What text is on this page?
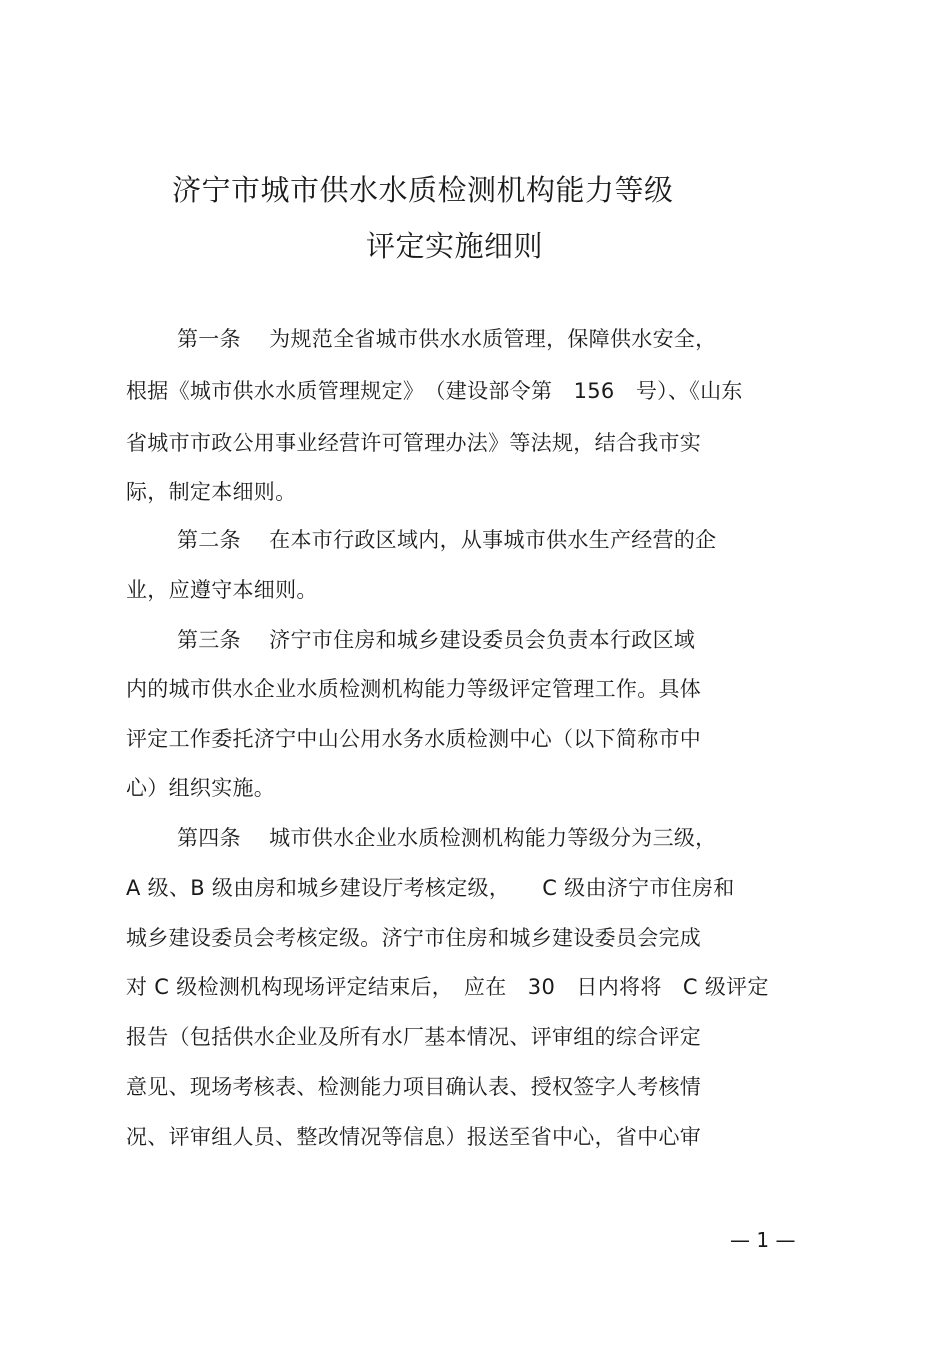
济宁市城市供水水质检测机构能力等级
评定实施细则
第一条　 为规范全省城市供水水质管理，保障供水安全，
根据《城市供水水质管理规定》　（建设部令第　156　号）、《山东
省城市市政公用事业经营许可管理办法》等法规，结合我市实
际，制定本细则。
第二条　 在本市行政区域内，从事城市供水生产经营的企
业，应遵守本细则。
第三条　 济宁市住房和城乡建设委员会负责本行政区域
内的城市供水企业水质检测机构能力等级评定管理工作。具体
评定工作委托济宁中山公用水务水质检测中心（以下简称市中
心）组织实施。
第四条　 城市供水企业水质检测机构能力等级分为三级，
A 级、B 级由房和城乡建设厅考核定级，　　C 级由济宁市住房和
城乡建设委员会考核定级。济宁市住房和城乡建设委员会完成
对 C 级检测机构现场评定结束后，　应在　30　日内将将　C 级评定
报告（包括供水企业及所有水厂基本情况、评审组的综合评定
意见、现场考核表、检测能力项目确认表、授权签字人考核情
况、评审组人员、整改情况等信息）报送至省中心，省中心审
— 1 —
